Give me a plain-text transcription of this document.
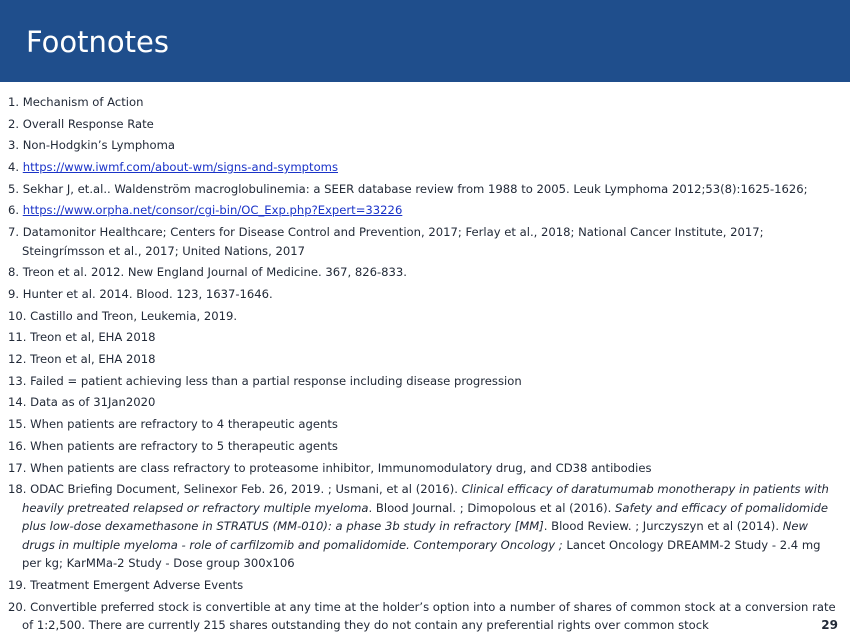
Footnotes
1. Mechanism of Action
2. Overall Response Rate
3. Non-Hodgkin’s Lymphoma
4. https://www.iwmf.com/about-wm/signs-and-symptoms
5. Sekhar J, et.al.. Waldenström macroglobulinemia: a SEER database review from 1988 to 2005. Leuk Lymphoma 2012;53(8):1625-1626;
6. https://www.orpha.net/consor/cgi-bin/OC_Exp.php?Expert=33226
7. Datamonitor Healthcare; Centers for Disease Control and Prevention, 2017; Ferlay et al., 2018; National Cancer Institute, 2017; Steingrímsson et al., 2017; United Nations, 2017
8. Treon et al. 2012. New England Journal of Medicine. 367, 826-833.
9. Hunter et al. 2014. Blood. 123, 1637-1646.
10. Castillo and Treon, Leukemia, 2019.
11. Treon et al, EHA 2018
12. Treon et al, EHA 2018
13. Failed = patient achieving less than a partial response including disease progression
14. Data as of 31Jan2020
15. When patients are refractory to 4 therapeutic agents
16. When patients are refractory to 5 therapeutic agents
17. When patients are class refractory to proteasome inhibitor, Immunomodulatory drug, and CD38 antibodies
18. ODAC Briefing Document, Selinexor Feb. 26, 2019. ; Usmani, et al (2016). Clinical efficacy of daratumumab monotherapy in patients with heavily pretreated relapsed or refractory multiple myeloma. Blood Journal. ; Dimopolous et al (2016). Safety and efficacy of pomalidomide plus low-dose dexamethasone in STRATUS (MM-010): a phase 3b study in refractory [MM]. Blood Review. ; Jurczyszyn et al (2014). New drugs in multiple myeloma - role of carfilzomib and pomalidomide. Contemporary Oncology ; Lancet Oncology DREAMM-2 Study - 2.4 mg per kg; KarMMa-2 Study - Dose group 300x106
19. Treatment Emergent Adverse Events
20. Convertible preferred stock is convertible at any time at the holder’s option into a number of shares of common stock at a conversion rate of 1:2,500. There are currently 215 shares outstanding they do not contain any preferential rights over common stock	29
